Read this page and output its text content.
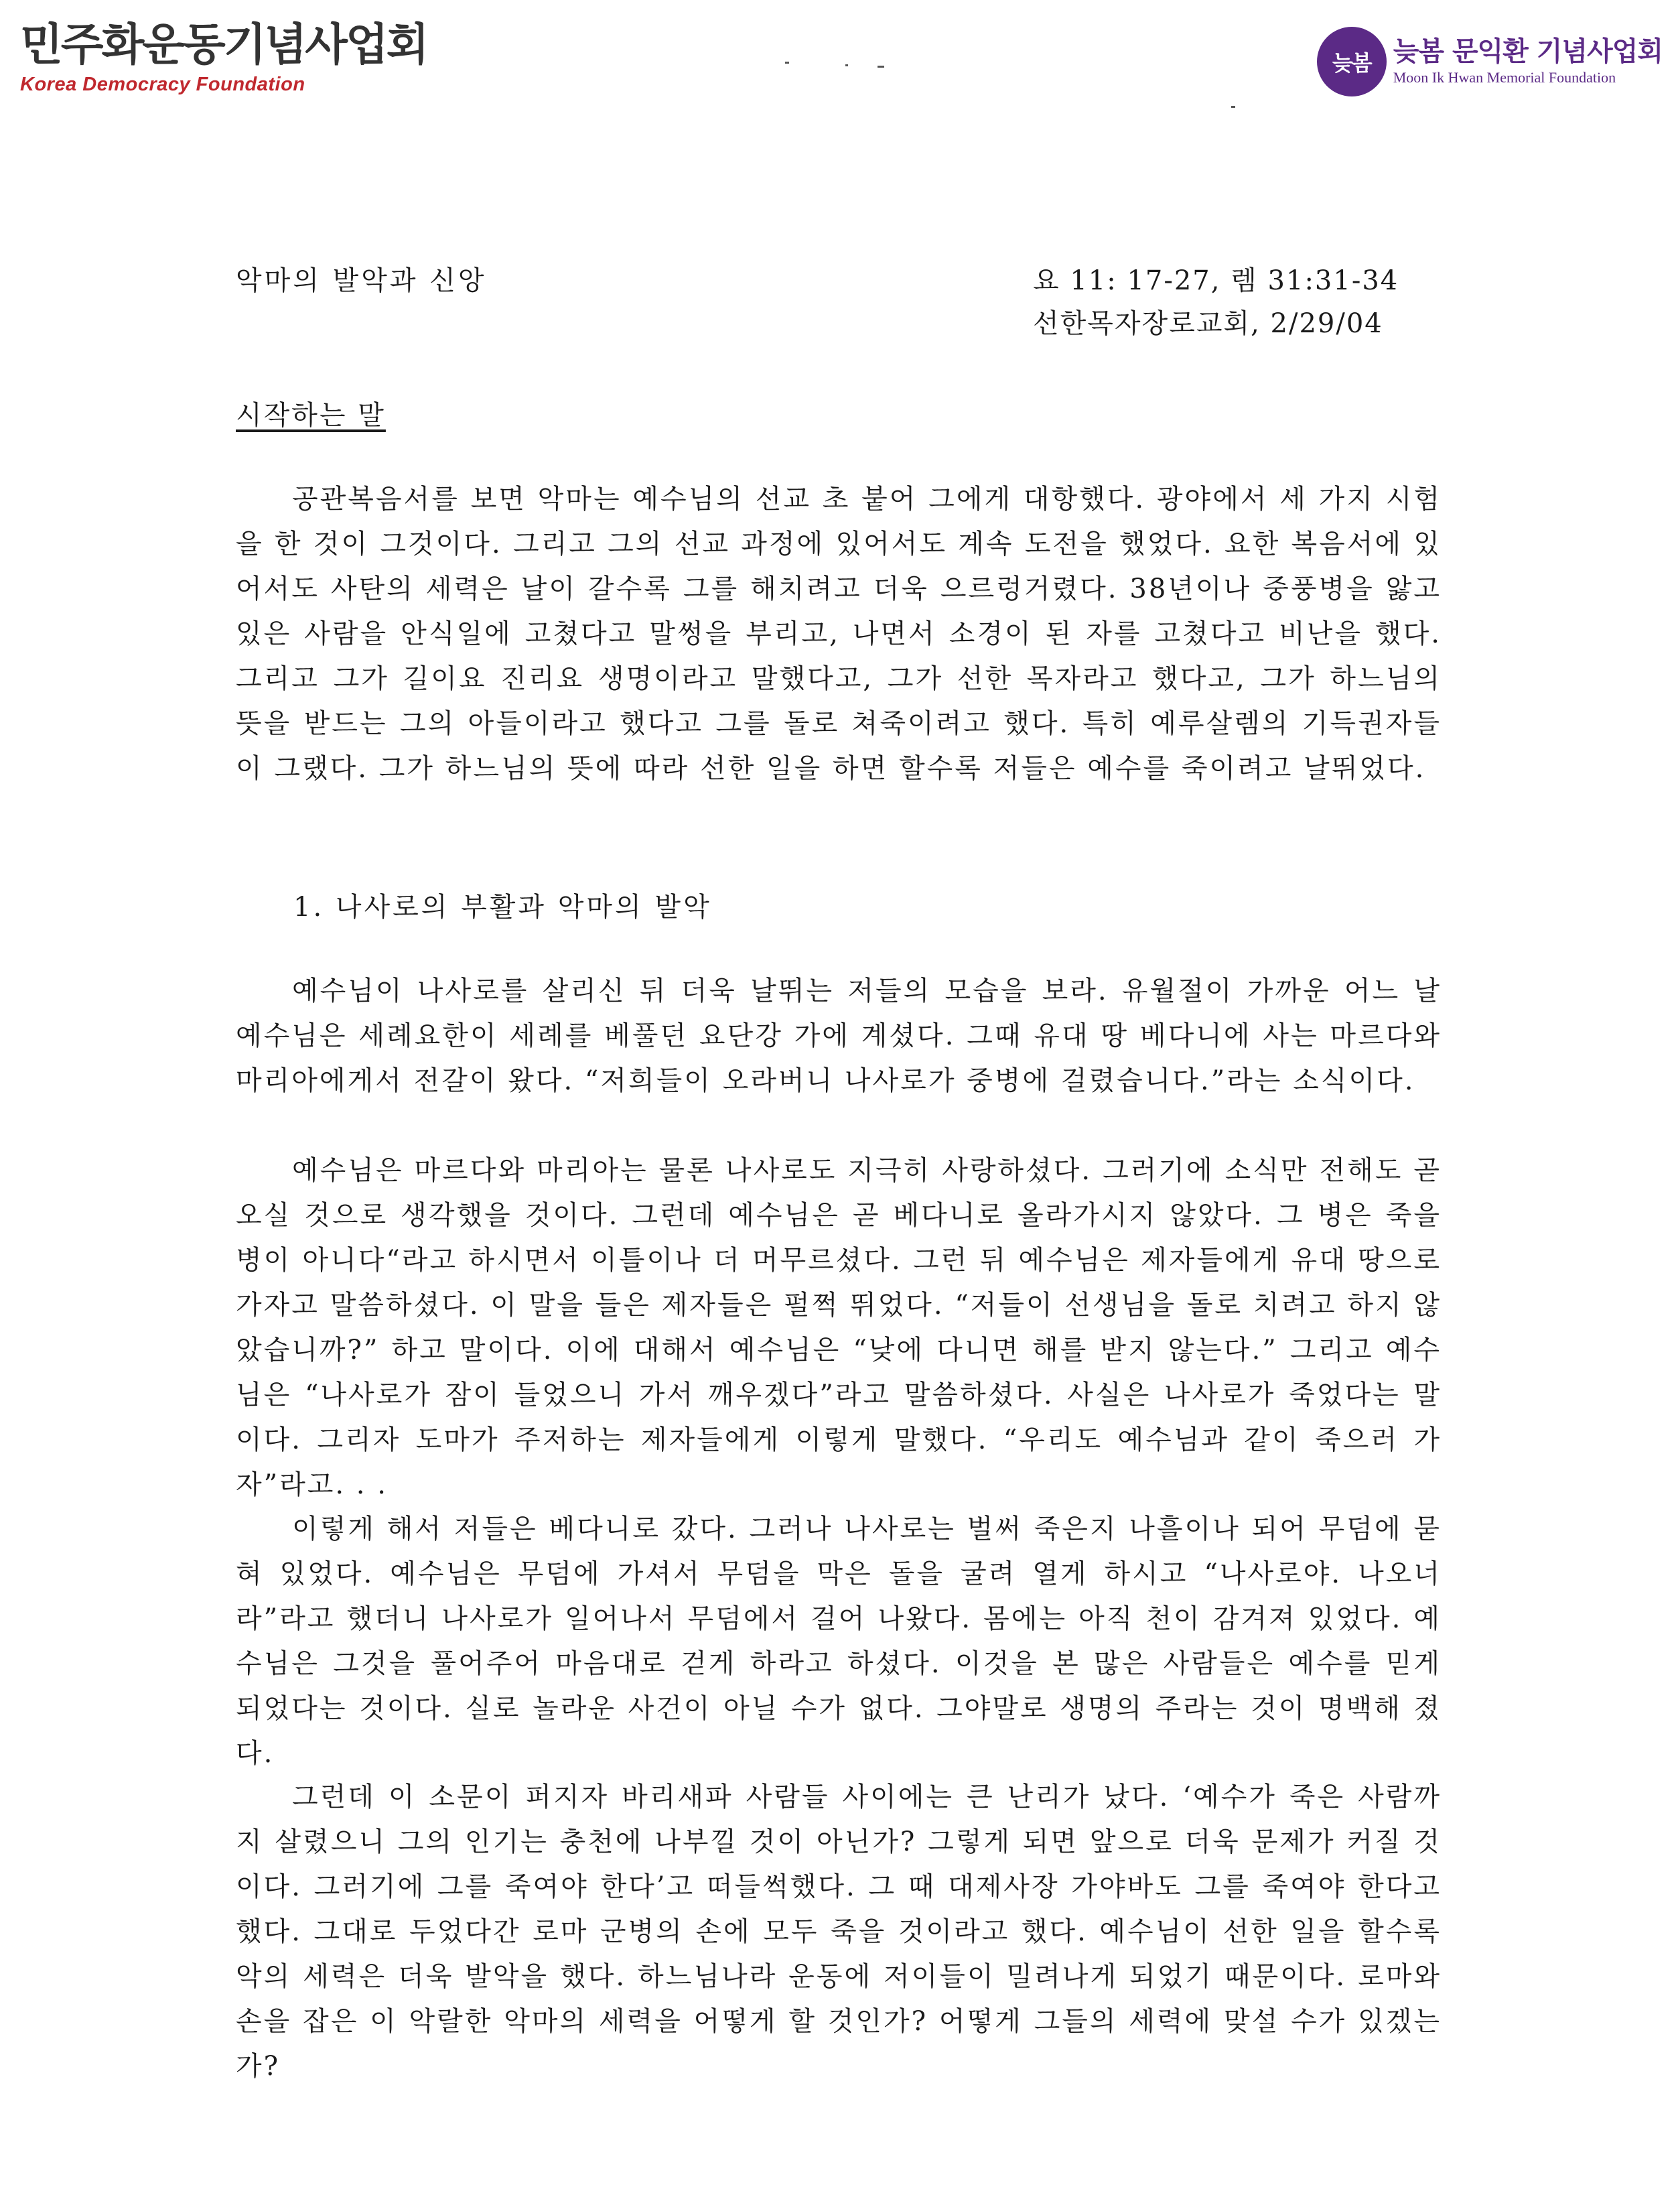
민주화운동기념사업회
Korea Democracy Foundation
늦봄 늦봄 문익환 기념사업회
Moon Ik Hwan Memorial Foundation
악마의 발악과 신앙	요 11: 17-27, 렘 31:31-34
선한목자장로교회, 2/29/04
시작하는 말

공관복음서를 보면 악마는 예수님의 선교 초 붙어 그에게 대항했다. 광야에서 세 가지 시험을 한 것이 그것이다. 그리고 그의 선교 과정에 있어서도 계속 도전을 했었다. 요한 복음서에 있어서도 사탄의 세력은 날이 갈수록 그를 해치려고 더욱 으르렁거렸다. 38년이나 중풍병을 앓고 있은 사람을 안식일에 고쳤다고 말썽을 부리고, 나면서 소경이 된 자를 고쳤다고 비난을 했다. 그리고 그가 길이요 진리요 생명이라고 말했다고, 그가 선한 목자라고 했다고, 그가 하느님의 뜻을 받드는 그의 아들이라고 했다고 그를 돌로 쳐죽이려고 했다. 특히 예루살렘의 기득권자들이 그랬다. 그가 하느님의 뜻에 따라 선한 일을 하면 할수록 저들은 예수를 죽이려고 날뛰었다.

1. 나사로의 부활과 악마의 발악

예수님이 나사로를 살리신 뒤 더욱 날뛰는 저들의 모습을 보라. 유월절이 가까운 어느 날 예수님은 세례요한이 세례를 베풀던 요단강 가에 계셨다. 그때 유대 땅 베다니에 사는 마르다와 마리아에게서 전갈이 왔다. “저희들이 오라버니 나사로가 중병에 걸렸습니다.”라는 소식이다.

예수님은 마르다와 마리아는 물론 나사로도 지극히 사랑하셨다. 그러기에 소식만 전해도 곧 오실 것으로 생각했을 것이다. 그런데 예수님은 곧 베다니로 올라가시지 않았다. 그 병은 죽을 병이 아니다“라고 하시면서 이틀이나 더 머무르셨다. 그런 뒤 예수님은 제자들에게 유대 땅으로 가자고 말씀하셨다. 이 말을 들은 제자들은 펄쩍 뛰었다. “저들이 선생님을 돌로 치려고 하지 않았습니까?” 하고 말이다. 이에 대해서 예수님은 “낮에 다니면 해를 받지 않는다.” 그리고 예수님은 “나사로가 잠이 들었으니 가서 깨우겠다”라고 말씀하셨다. 사실은 나사로가 죽었다는 말이다. 그리자 도마가 주저하는 제자들에게 이렇게 말했다. “우리도 예수님과 같이 죽으러 가자”라고. . .

이렇게 해서 저들은 베다니로 갔다. 그러나 나사로는 벌써 죽은지 나흘이나 되어 무덤에 묻혀 있었다. 예수님은 무덤에 가셔서 무덤을 막은 돌을 굴려 열게 하시고 “나사로야. 나오너라”라고 했더니 나사로가 일어나서 무덤에서 걸어 나왔다. 몸에는 아직 천이 감겨져 있었다. 예수님은 그것을 풀어주어 마음대로 걷게 하라고 하셨다. 이것을 본 많은 사람들은 예수를 믿게 되었다는 것이다. 실로 놀라운 사건이 아닐 수가 없다. 그야말로 생명의 주라는 것이 명백해 졌다.

그런데 이 소문이 퍼지자 바리새파 사람들 사이에는 큰 난리가 났다. ‘예수가 죽은 사람까지 살렸으니 그의 인기는 충천에 나부낄 것이 아닌가? 그렇게 되면 앞으로 더욱 문제가 커질 것이다. 그러기에 그를 죽여야 한다’고 떠들썩했다. 그 때 대제사장 가야바도 그를 죽여야 한다고 했다. 그대로 두었다간 로마 군병의 손에 모두 죽을 것이라고 했다. 예수님이 선한 일을 할수록 악의 세력은 더욱 발악을 했다. 하느님나라 운동에 저이들이 밀려나게 되었기 때문이다. 로마와 손을 잡은 이 악랄한 악마의 세력을 어떻게 할 것인가? 어떻게 그들의 세력에 맞설 수가 있겠는가?
